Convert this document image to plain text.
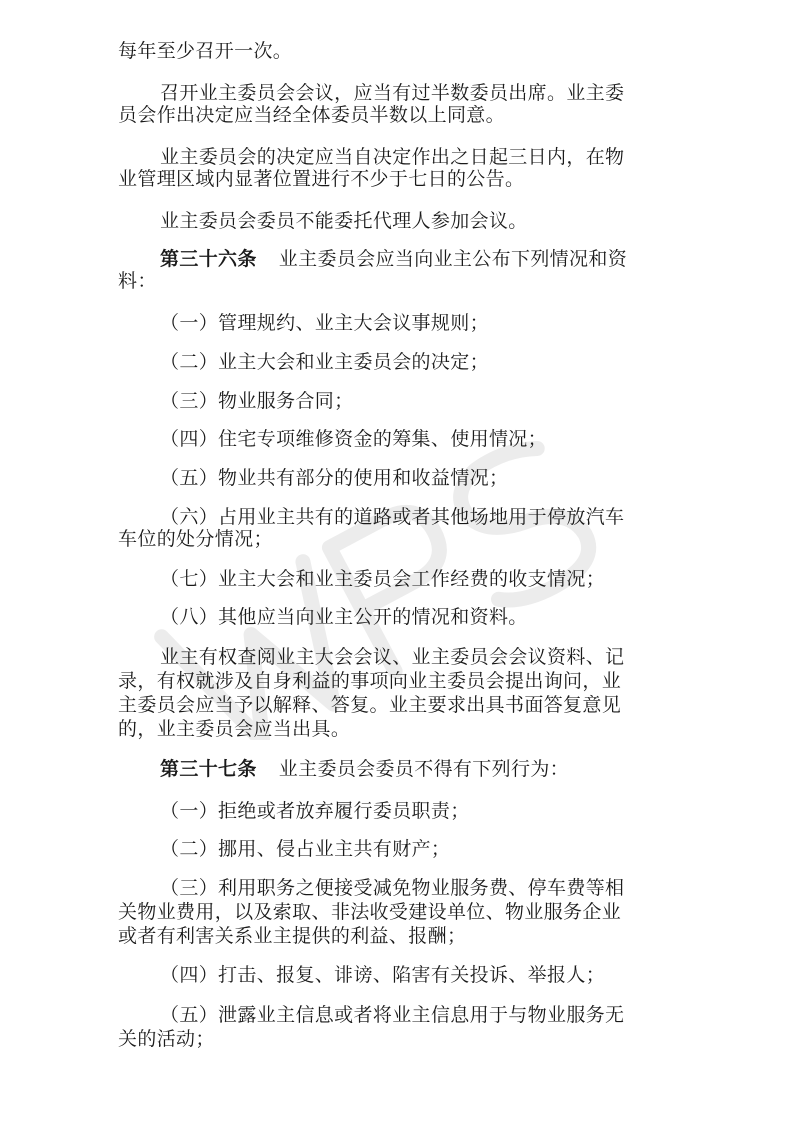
每年至少召开一次。

召开业主委员会会议，应当有过半数委员出席。业主委

员会作出决定应当经全体委员半数以上同意。

业主委员会的决定应当自决定作出之日起三日内，在物

业管理区域内显著位置进行不少于七日的公告。

业主委员会委员不能委托代理人参加会议。

第三十六条 业主委员会应当向业主公布下列情况和资

料：

（一）管理规约、业主大会议事规则；

（二）业主大会和业主委员会的决定；

（三）物业服务合同；

（四）住宅专项维修资金的筹集、使用情况；

（五）物业共有部分的使用和收益情况；

（六）占用业主共有的道路或者其他场地用于停放汽车

车位的处分情况；

（七）业主大会和业主委员会工作经费的收支情况；

（八）其他应当向业主公开的情况和资料。

业主有权查阅业主大会会议、业主委员会会议资料、记

录，有权就涉及自身利益的事项向业主委员会提出询问，业

主委员会应当予以解释、答复。业主要求出具书面答复意见

的，业主委员会应当出具。

第三十七条 业主委员会委员不得有下列行为：

（一）拒绝或者放弃履行委员职责；

（二）挪用、侵占业主共有财产；

（三）利用职务之便接受减免物业服务费、停车费等相

关物业费用，以及索取、非法收受建设单位、物业服务企业

或者有利害关系业主提供的利益、报酬；

（四）打击、报复、诽谤、陷害有关投诉、举报人；

（五）泄露业主信息或者将业主信息用于与物业服务无

关的活动；
